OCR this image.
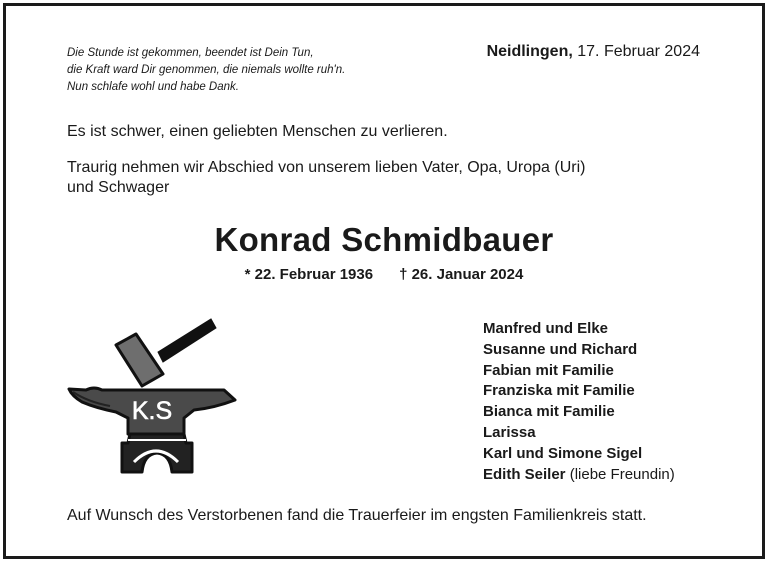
Die Stunde ist gekommen, beendet ist Dein Tun,
die Kraft ward Dir genommen, die niemals wollte ruh'n.
Nun schlafe wohl und habe Dank.
Neidlingen, 17. Februar 2024
Es ist schwer, einen geliebten Menschen zu verlieren.
Traurig nehmen wir Abschied von unserem lieben Vater, Opa, Uropa (Uri)
und Schwager
Konrad Schmidbauer
* 22. Februar 1936 † 26. Januar 2024
K.S
Manfred und Elke
Susanne und Richard
Fabian mit Familie
Franziska mit Familie
Bianca mit Familie
Larissa
Karl und Simone Sigel
Edith Seiler (liebe Freundin)
Auf Wunsch des Verstorbenen fand die Trauerfeier im engsten Familienkreis statt.
